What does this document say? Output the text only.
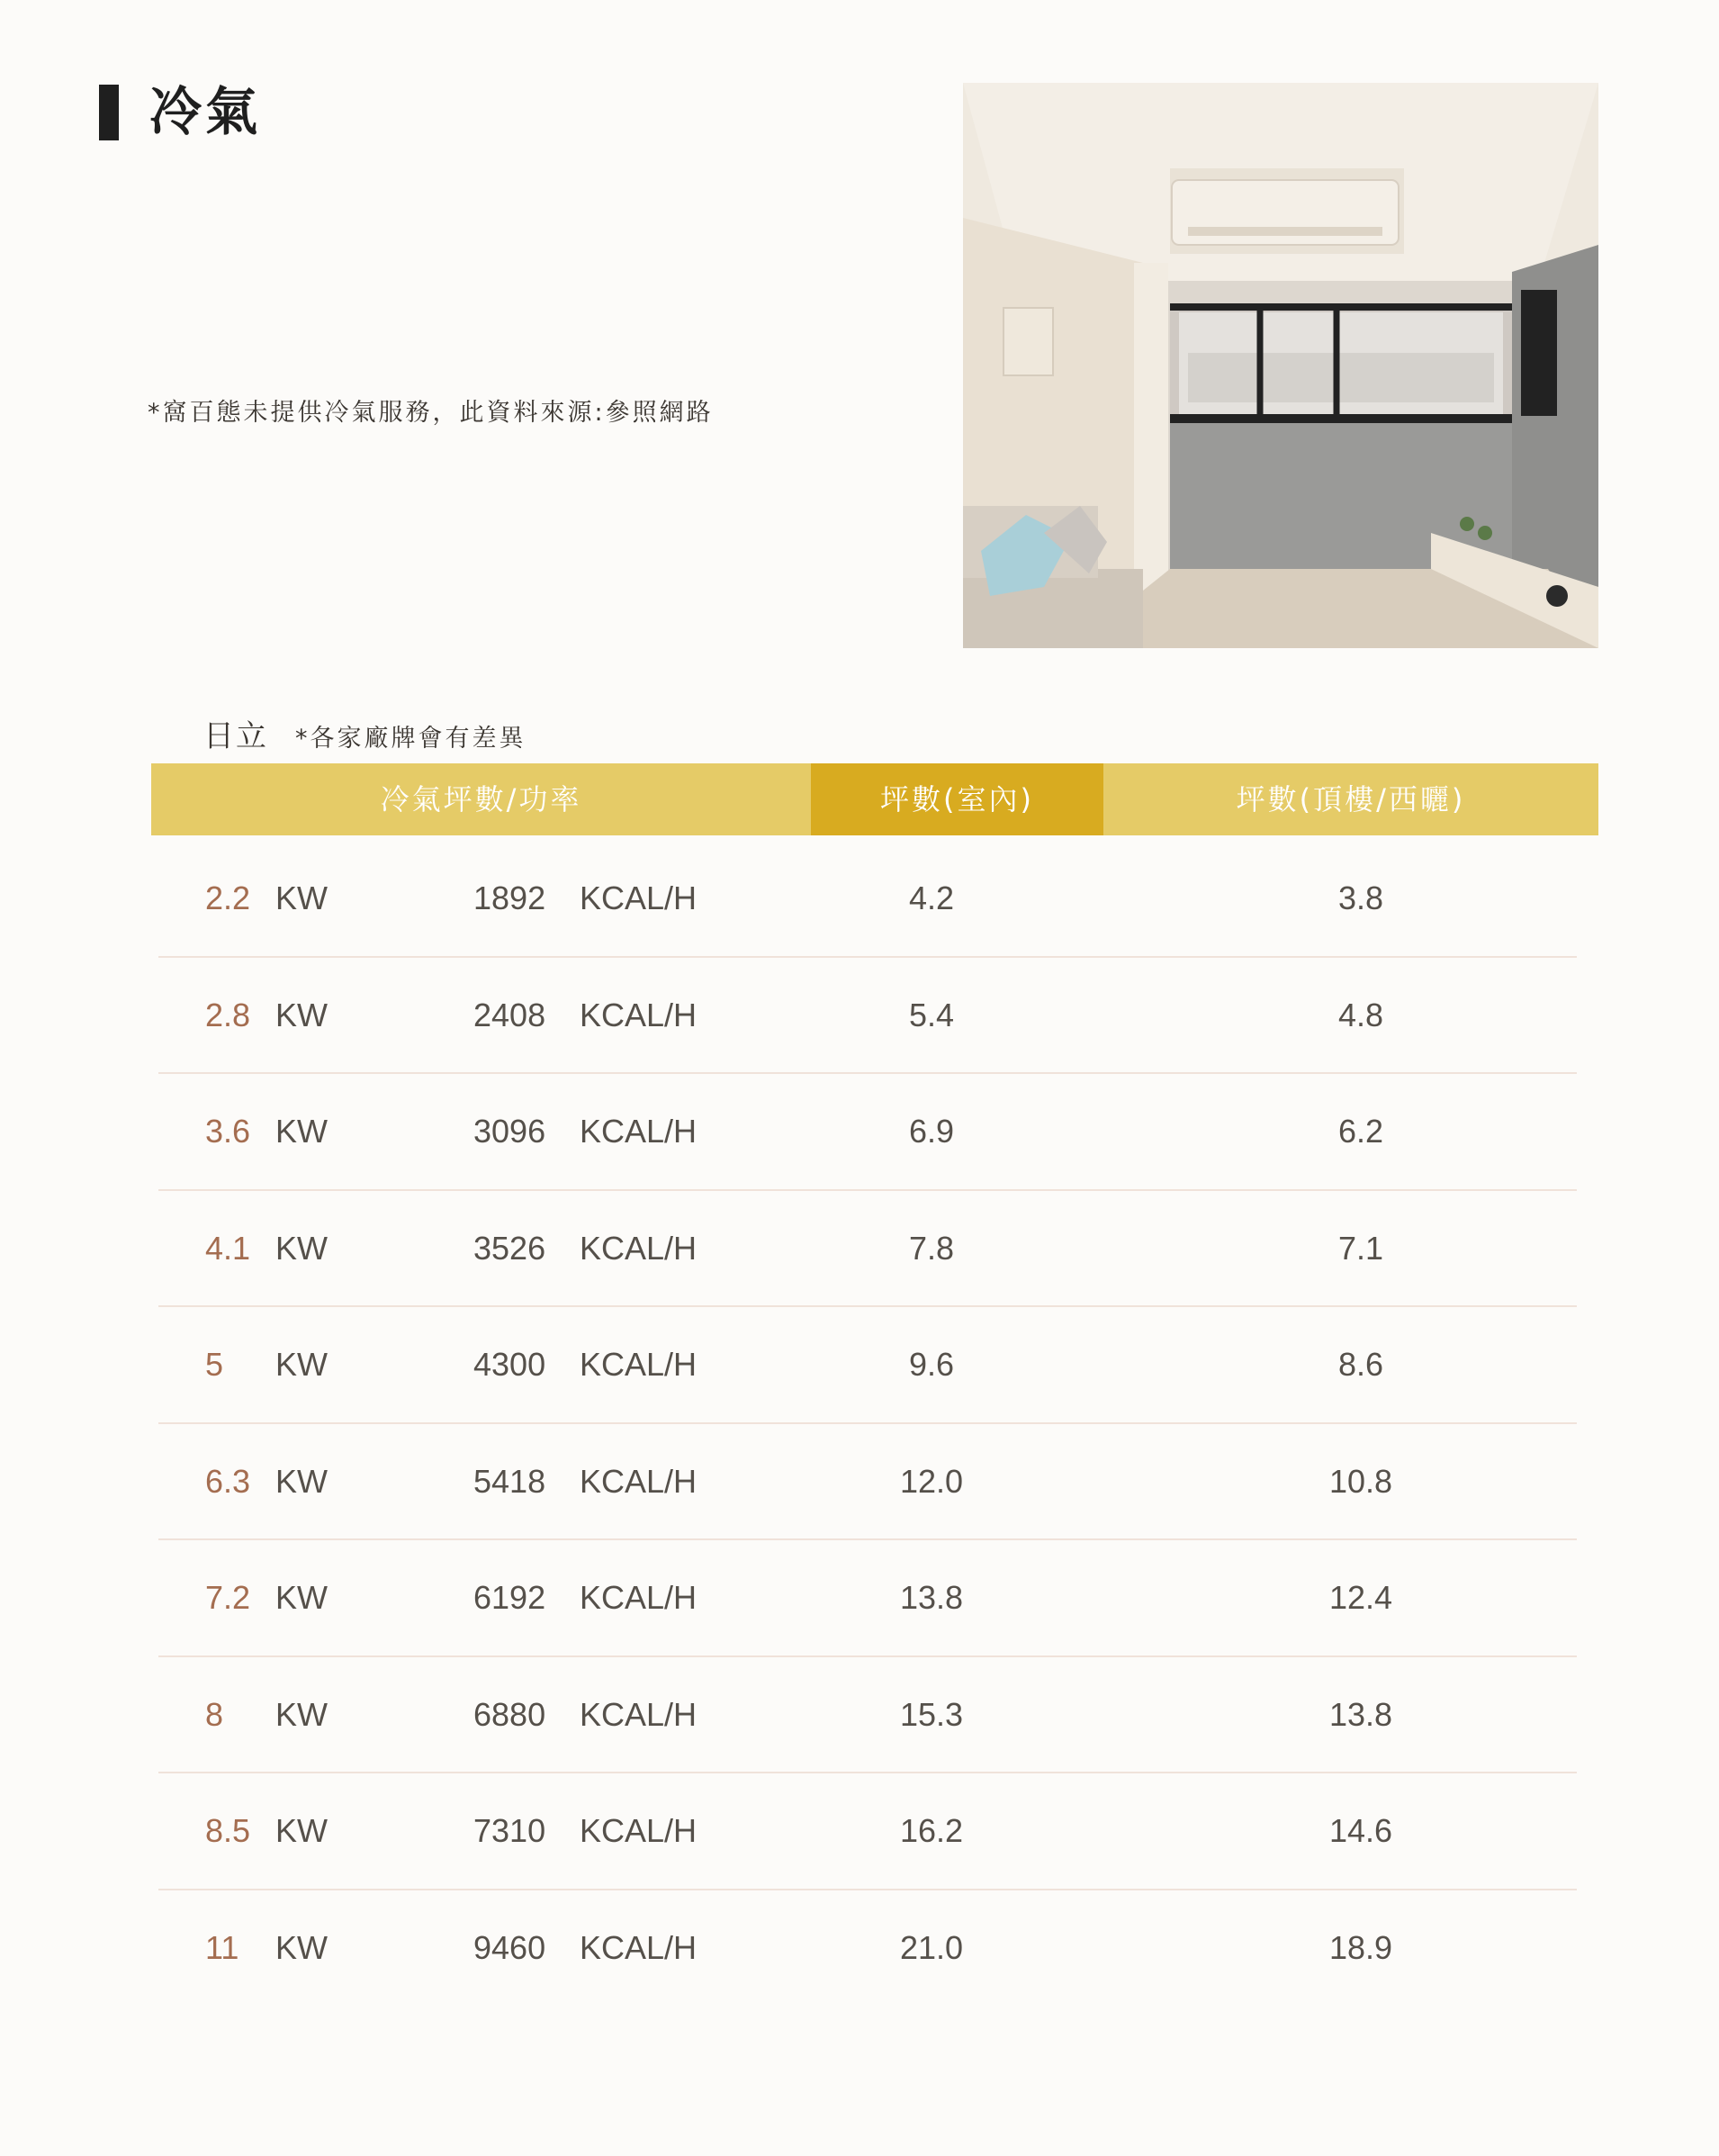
冷氣
*窩百態未提供冷氣服務，此資料來源:參照網路
日立 *各家廠牌會有差異
冷氣坪數/功率	坪數(室內)	坪數(頂樓/西曬)
2.2 KW	1892 KCAL/H	4.2	3.8
2.8 KW	2408 KCAL/H	5.4	4.8
3.6 KW	3096 KCAL/H	6.9	6.2
4.1 KW	3526 KCAL/H	7.8	7.1
5 KW	4300 KCAL/H	9.6	8.6
6.3 KW	5418 KCAL/H	12.0	10.8
7.2 KW	6192 KCAL/H	13.8	12.4
8 KW	6880 KCAL/H	15.3	13.8
8.5 KW	7310 KCAL/H	16.2	14.6
11 KW	9460 KCAL/H	21.0	18.9
